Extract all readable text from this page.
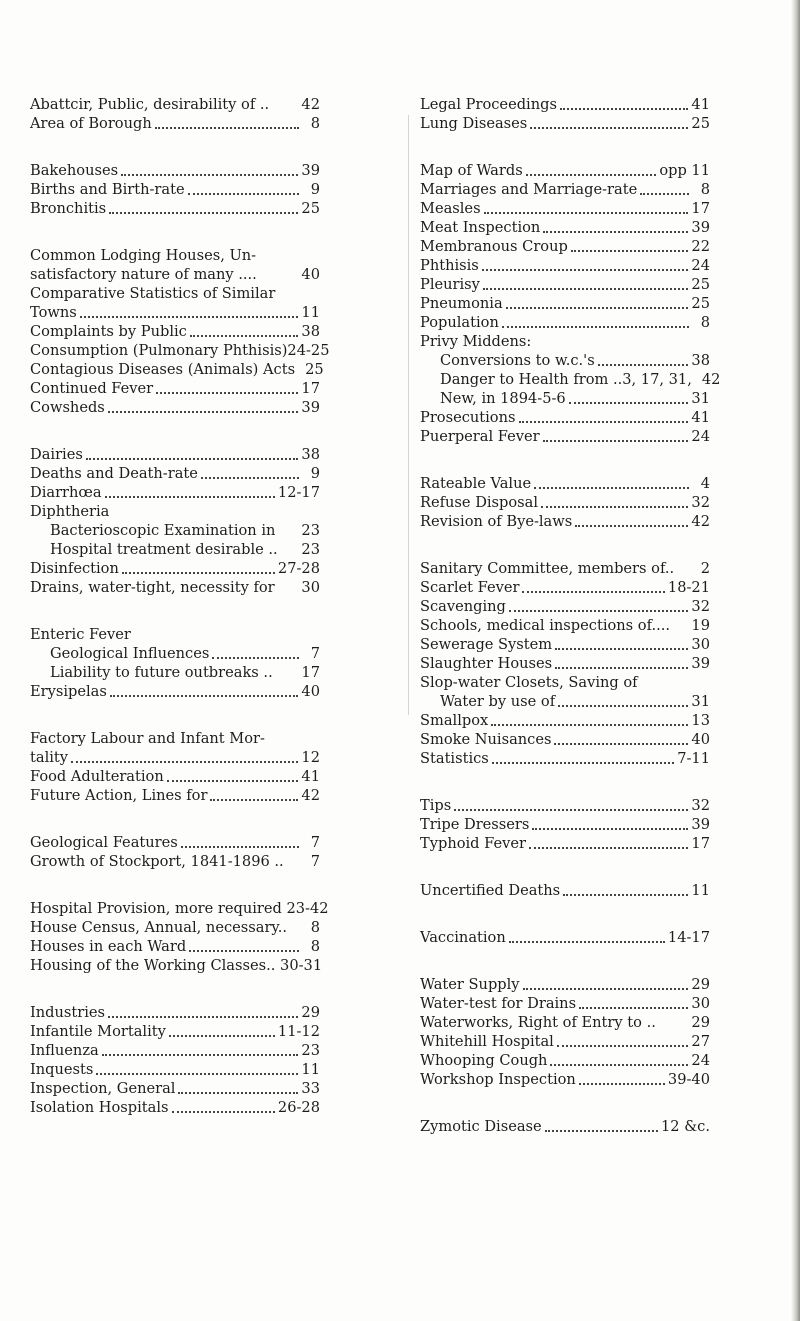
Abattcir, Public, desirability of .. 42
Area of Borough	8
Bakehouses	39
Births and Birth-rate	9
Bronchitis	25
Common Lodging Houses, Un-
satisfactory nature of many ....	40
Comparative Statistics of Similar
Towns	11
Complaints by Public	38
Consumption (Pulmonary Phthisis)24-25
Contagious Diseases (Animals) Acts 25
Continued Fever	17
Cowsheds	39
Dairies	38
Deaths and Death-rate	9
Diarrhœa	12-17
Diphtheria
Bacterioscopic Examination in 23
Hospital treatment desirable .. 23
Disinfection	27-28
Drains, water-tight, necessity for 30
Enteric Fever
Geological Influences	7
Liability to future outbreaks .. 17
Erysipelas	40
Factory Labour and Infant Mor-
tality	12
Food Adulteration	41
Future Action, Lines for	42
Geological Features	7
Growth of Stockport, 1841-1896 ..	7
Hospital Provision, more required 23-42
House Census, Annual, necessary..	8
Houses in each Ward	8
Housing of the Working Classes.. 30-31
Industries	29
Infantile Mortality	11-12
Influenza	23
Inquests	11
Inspection, General	33
Isolation Hospitals	26-28
Legal Proceedings	41
Lung Diseases	25
Map of Wards	opp 11
Marriages and Marriage-rate	8
Measles	17
Meat Inspection	39
Membranous Croup	22
Phthisis	24
Pleurisy	25
Pneumonia	25
Population	8
Privy Middens:
Conversions to w.c.'s	38
Danger to Health from ..3, 17, 31, 42
New, in 1894-5-6	31
Prosecutions	41
Puerperal Fever	24
Rateable Value	4
Refuse Disposal	32
Revision of Bye-laws	42
Sanitary Committee, members of..	2
Scarlet Fever	18-21
Scavenging	32
Schools, medical inspections of.... 19
Sewerage System	30
Slaughter Houses	39
Slop-water Closets, Saving of
Water by use of	31
Smallpox	13
Smoke Nuisances	40
Statistics	7-11
Tips	32
Tripe Dressers	39
Typhoid Fever	17
Uncertified Deaths	11
Vaccination	14-17
Water Supply	29
Water-test for Drains	30
Waterworks, Right of Entry to .. 29
Whitehill Hospital	27
Whooping Cough	24
Workshop Inspection	39-40
Zymotic Disease	12 &c.
